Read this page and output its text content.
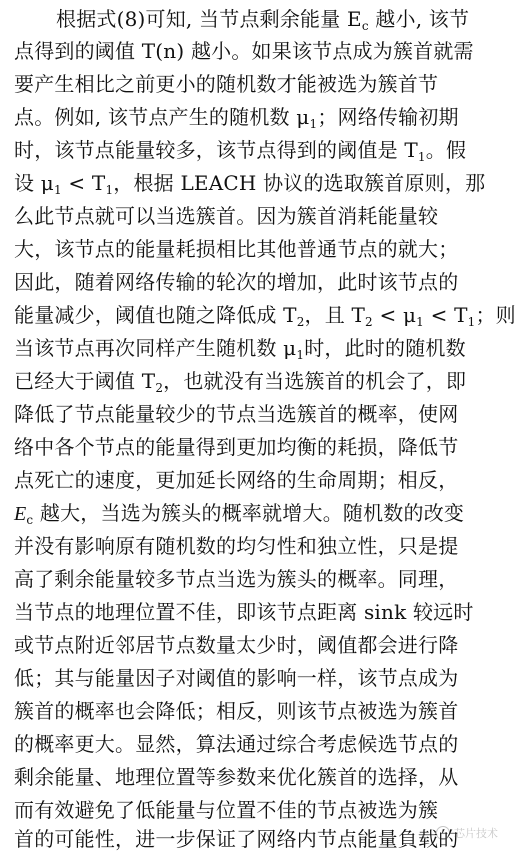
根据式(8)可知, 当节点剩余能量 $E_c$ 越小, 该节
点得到的阈值 T(n) 越小。如果该节点成为簇首就需
要产生相比之前更小的随机数才能被选为簇首节
点。例如, 该节点产生的随机数 $\mu_1$；网络传输初期
时，该节点能量较多，该节点得到的阈值是 $T_1$。假
设 $\mu_1 < T_1$，根据 LEACH 协议的选取簇首原则，那
么此节点就可以当选簇首。因为簇首消耗能量较
大，该节点的能量耗损相比其他普通节点的就大；
因此，随着网络传输的轮次的增加，此时该节点的
能量减少，阈值也随之降低成 $T_2$，且 $T_2 < \mu_1 < T_1$；则
当该节点再次同样产生随机数 $\mu_1$时，此时的随机数
已经大于阈值 $T_2$，也就没有当选簇首的机会了，即
降低了节点能量较少的节点当选簇首的概率，使网
络中各个节点的能量得到更加均衡的耗损，降低节
点死亡的速度，更加延长网络的生命周期；相反，
$E_c$ 越大，当选为簇头的概率就增大。随机数的改变
并没有影响原有随机数的均匀性和独立性，只是提
高了剩余能量较多节点当选为簇头的概率。同理，
当节点的地理位置不佳，即该节点距离 sink 较远时
或节点附近邻居节点数量太少时，阈值都会进行降
低；其与能量因子对阈值的影响一样，该节点成为
簇首的概率也会降低；相反，则该节点被选为簇首
的概率更大。显然，算法通过综合考虑候选节点的
剩余能量、地理位置等参数来优化簇首的选择，从
而有效避免了低能量与位置不佳的节点被选为簇
首的可能性，进一步保证了网络内节点能量負载的
芯片技术
